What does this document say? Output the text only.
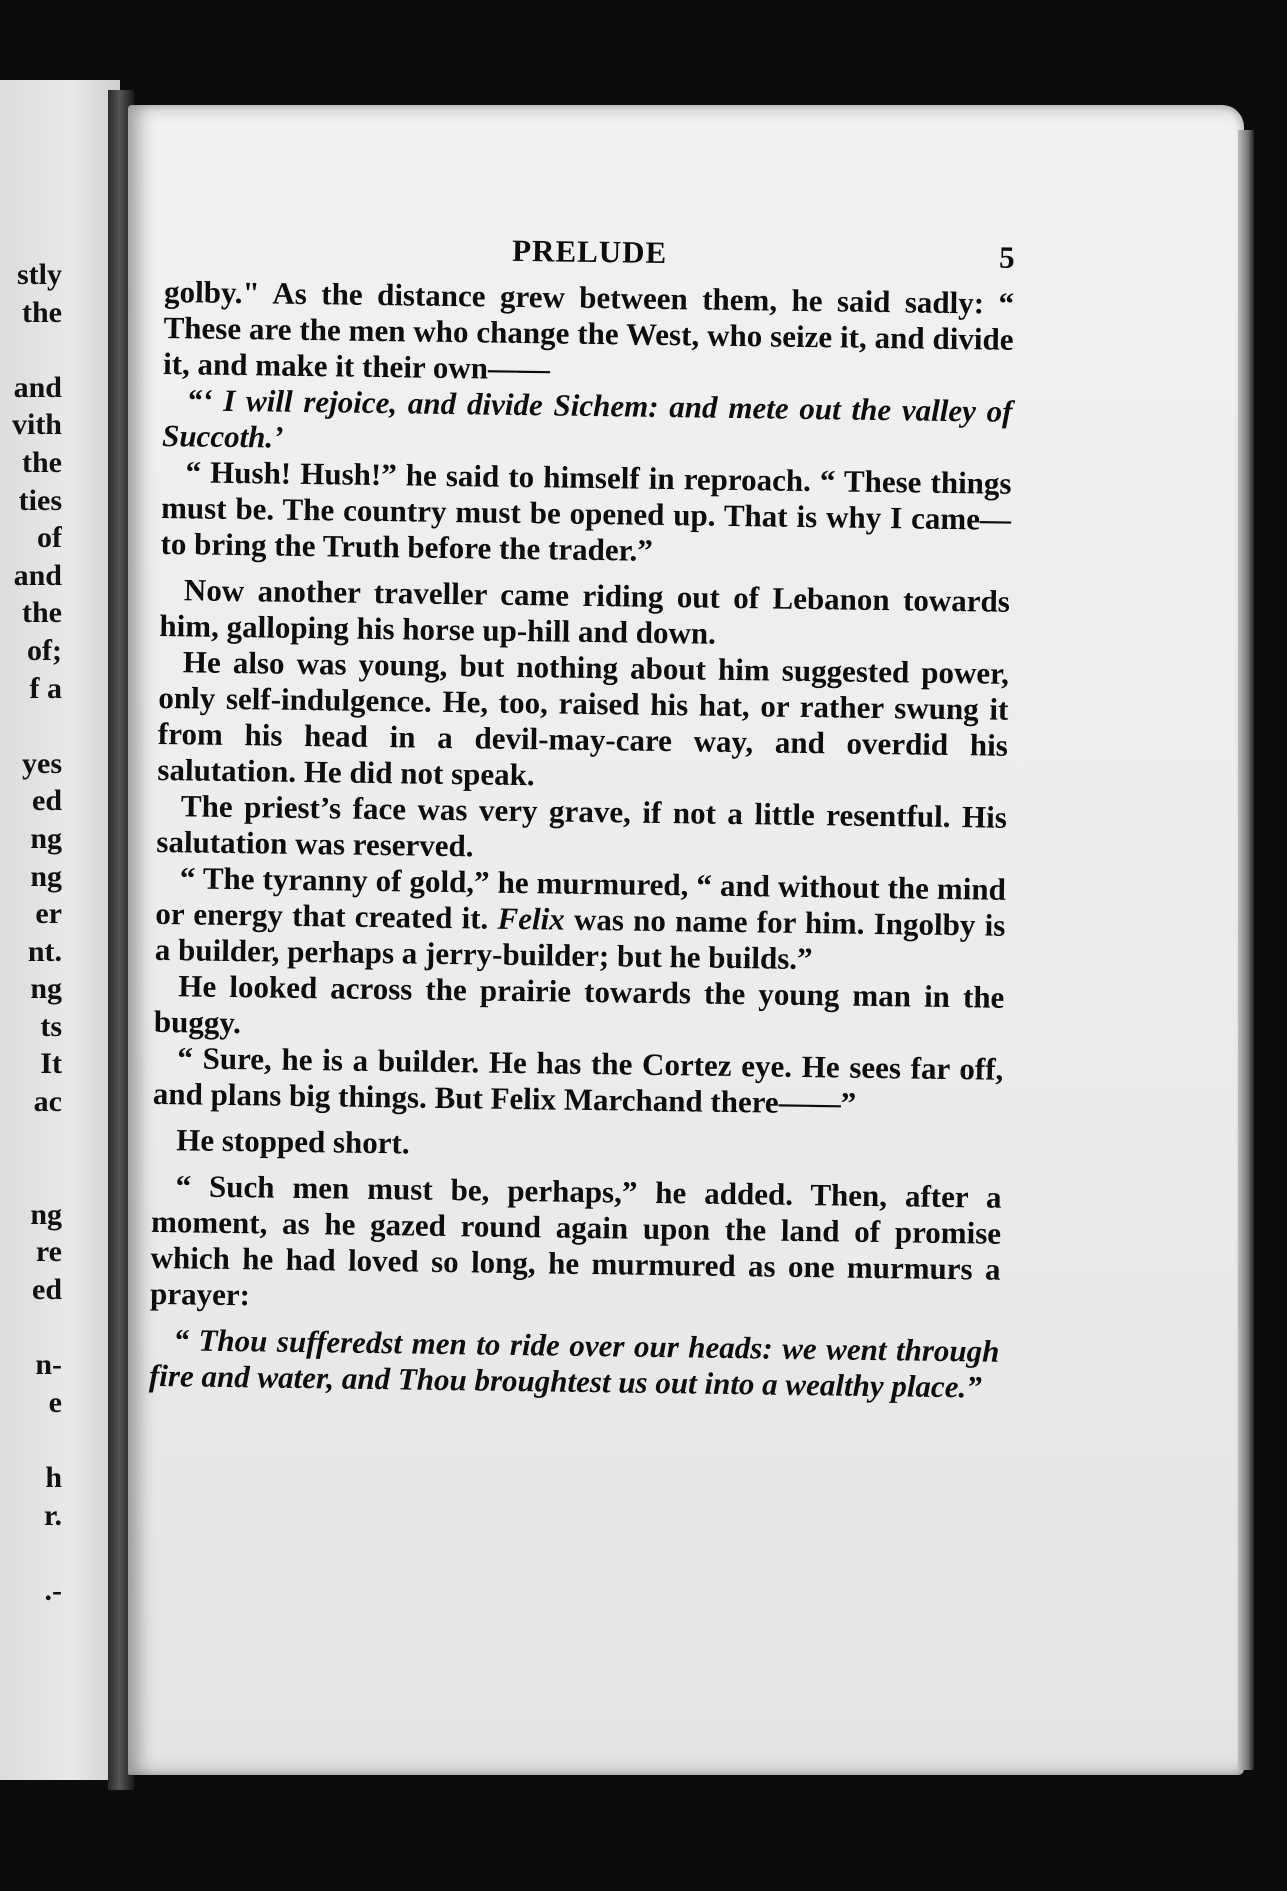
stly
the
and
vith
the
ties
of
and
the
of;
f a
yes
ed
ng
ng
er
nt.
ng
ts
It
ac
ng
re
ed
n-
e
h
r.
.-
PRELUDE	5

golby." As the distance grew between them, he said sadly: “ These are the men who change the West, who seize it, and divide it, and make it their own——

“‘ I will rejoice, and divide Sichem: and mete out the valley of Succoth.’

“ Hush! Hush!” he said to himself in reproach. “ These things must be. The country must be opened up. That is why I came—to bring the Truth before the trader.”

Now another traveller came riding out of Lebanon towards him, galloping his horse up-hill and down.

He also was young, but nothing about him suggested power, only self-indulgence. He, too, raised his hat, or rather swung it from his head in a devil-may-care way, and overdid his salutation. He did not speak.

The priest’s face was very grave, if not a little resentful. His salutation was reserved.

“ The tyranny of gold,” he murmured, “ and without the mind or energy that created it. Felix was no name for him. Ingolby is a builder, perhaps a jerry-builder; but he builds.”

He looked across the prairie towards the young man in the buggy.

“ Sure, he is a builder. He has the Cortez eye. He sees far off, and plans big things. But Felix Marchand there——”

He stopped short.

“ Such men must be, perhaps,” he added. Then, after a moment, as he gazed round again upon the land of promise which he had loved so long, he murmured as one murmurs a prayer:

“ Thou sufferedst men to ride over our heads: we went through fire and water, and Thou broughtest us out into a wealthy place.”
